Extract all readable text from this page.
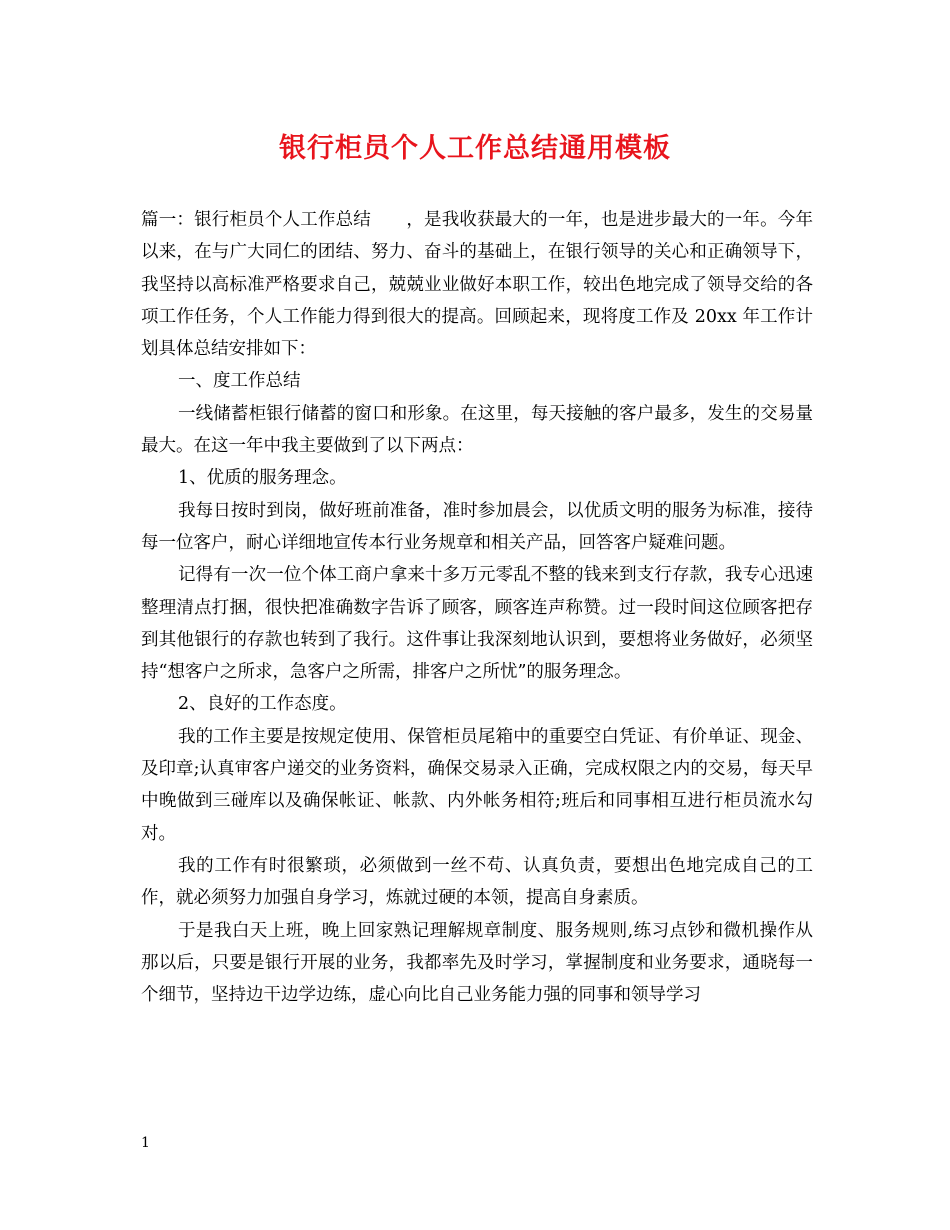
银行柜员个人工作总结通用模板

篇一：银行柜员个人工作总结　　，是我收获最大的一年，也是进步最大的一年。今年以来，在与广大同仁的团结、努力、奋斗的基础上，在银行领导的关心和正确领导下，我坚持以高标准严格要求自己，兢兢业业做好本职工作，较出色地完成了领导交给的各项工作任务，个人工作能力得到很大的提高。回顾起来，现将度工作及 20xx 年工作计划具体总结安排如下：

一、度工作总结

一线储蓄柜银行储蓄的窗口和形象。在这里，每天接触的客户最多，发生的交易量最大。在这一年中我主要做到了以下两点：

1、优质的服务理念。

我每日按时到岗，做好班前准备，准时参加晨会，以优质文明的服务为标准，接待每一位客户，耐心详细地宣传本行业务规章和相关产品，回答客户疑难问题。

记得有一次一位个体工商户拿来十多万元零乱不整的钱来到支行存款，我专心迅速整理清点打捆，很快把准确数字告诉了顾客，顾客连声称赞。过一段时间这位顾客把存到其他银行的存款也转到了我行。这件事让我深刻地认识到，要想将业务做好，必须坚持“想客户之所求，急客户之所需，排客户之所忧”的服务理念。

2、良好的工作态度。

我的工作主要是按规定使用、保管柜员尾箱中的重要空白凭证、有价单证、现金、及印章;认真审客户递交的业务资料，确保交易录入正确，完成权限之内的交易，每天早中晚做到三碰库以及确保帐证、帐款、内外帐务相符;班后和同事相互进行柜员流水勾对。

我的工作有时很繁琐，必须做到一丝不苟、认真负责，要想出色地完成自己的工作，就必须努力加强自身学习，炼就过硬的本领，提高自身素质。

于是我白天上班，晚上回家熟记理解规章制度、服务规则,练习点钞和微机操作从那以后，只要是银行开展的业务，我都率先及时学习，掌握制度和业务要求，通晓每一个细节，坚持边干边学边练，虚心向比自己业务能力强的同事和领导学习

1
